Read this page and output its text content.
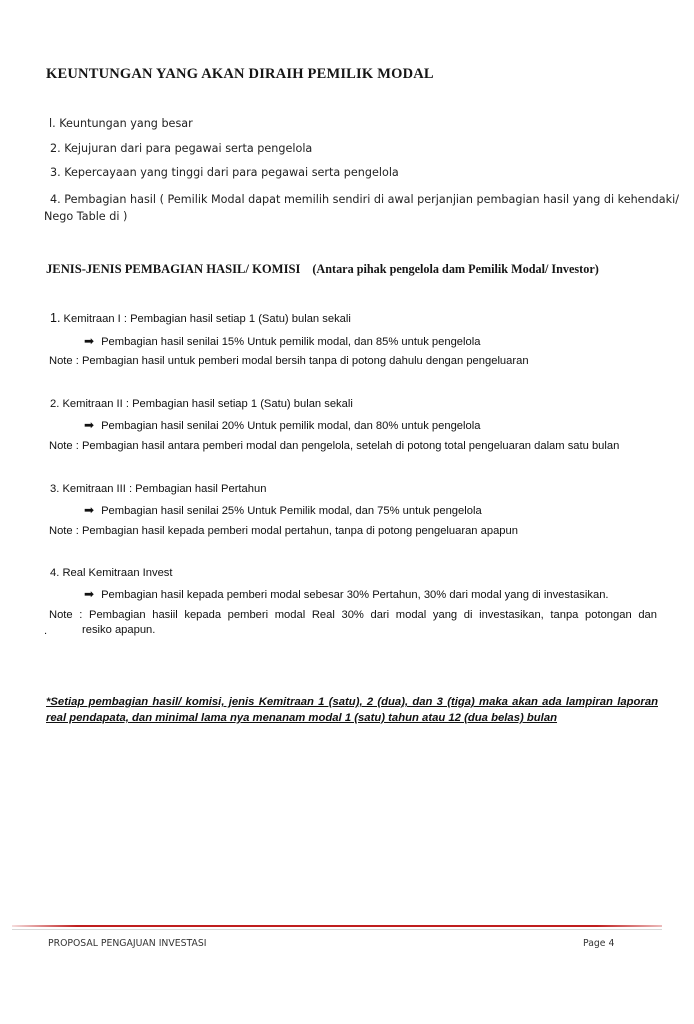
KEUNTUNGAN YANG AKAN DIRAIH PEMILIK MODAL
l. Keuntungan yang besar
2. Kejujuran dari para pegawai serta pengelola
3. Kepercayaan yang tinggi dari para pegawai serta pengelola
4. Pembagian hasil ( Pemilik Modal dapat memilih sendiri di awal perjanjian pembagian hasil yang di kehendaki/
Nego Table di )
JENIS-JENIS PEMBAGIAN HASIL/ KOMISI (Antara pihak pengelola dam Pemilik Modal/ Investor)
1. Kemitraan I : Pembagian hasil setiap 1 (Satu) bulan sekali
➡ Pembagian hasil senilai 15% Untuk pemilik modal, dan 85% untuk pengelola
Note : Pembagian hasil untuk pemberi modal bersih tanpa di potong dahulu dengan pengeluaran
2. Kemitraan II : Pembagian hasil setiap 1 (Satu) bulan sekali
➡ Pembagian hasil senilai 20% Untuk pemilik modal, dan 80% untuk pengelola
Note : Pembagian hasil antara pemberi modal dan pengelola, setelah di potong total pengeluaran dalam satu bulan
3. Kemitraan III : Pembagian hasil Pertahun
➡ Pembagian hasil senilai 25% Untuk Pemilik modal, dan 75% untuk pengelola
Note : Pembagian hasil kepada pemberi modal pertahun, tanpa di potong pengeluaran apapun
4. Real Kemitraan Invest
➡ Pembagian hasil kepada pemberi modal sebesar 30% Pertahun, 30% dari modal yang di investasikan.
Note : Pembagian hasiil kepada pemberi modal Real 30% dari modal yang di investasikan, tanpa potongan dan
.	resiko apapun.
*Setiap pembagian hasil/ komisi, jenis Kemitraan 1 (satu), 2 (dua), dan 3 (tiga) maka akan ada lampiran laporan real pendapata, dan minimal lama nya menanam modal 1 (satu) tahun atau 12 (dua belas) bulan
PROPOSAL PENGAJUAN INVESTASI	Page 4
